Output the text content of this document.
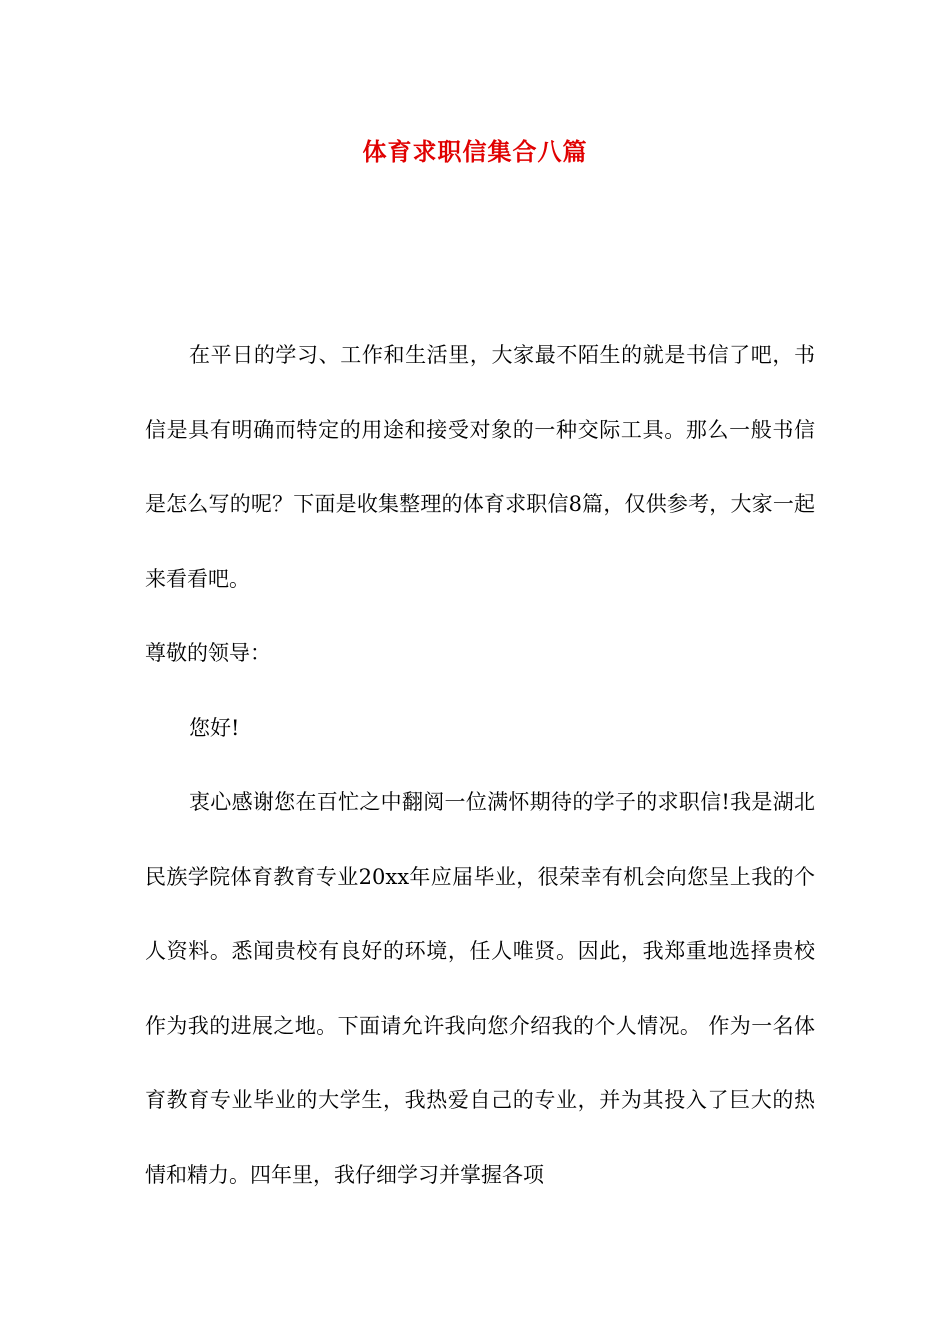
体育求职信集合八篇

在平日的学习、工作和生活里，大家最不陌生的就是书信了吧，书信是具有明确而特定的用途和接受对象的一种交际工具。那么一般书信是怎么写的呢？下面是收集整理的体育求职信8篇，仅供参考，大家一起来看看吧。

尊敬的领导：

您好!

衷心感谢您在百忙之中翻阅一位满怀期待的学子的求职信!我是湖北民族学院体育教育专业20xx年应届毕业，很荣幸有机会向您呈上我的个人资料。悉闻贵校有良好的环境，任人唯贤。因此，我郑重地选择贵校作为我的进展之地。下面请允许我向您介绍我的个人情况。 作为一名体育教育专业毕业的大学生，我热爱自己的专业，并为其投入了巨大的热情和精力。四年里，我仔细学习并掌握各项
